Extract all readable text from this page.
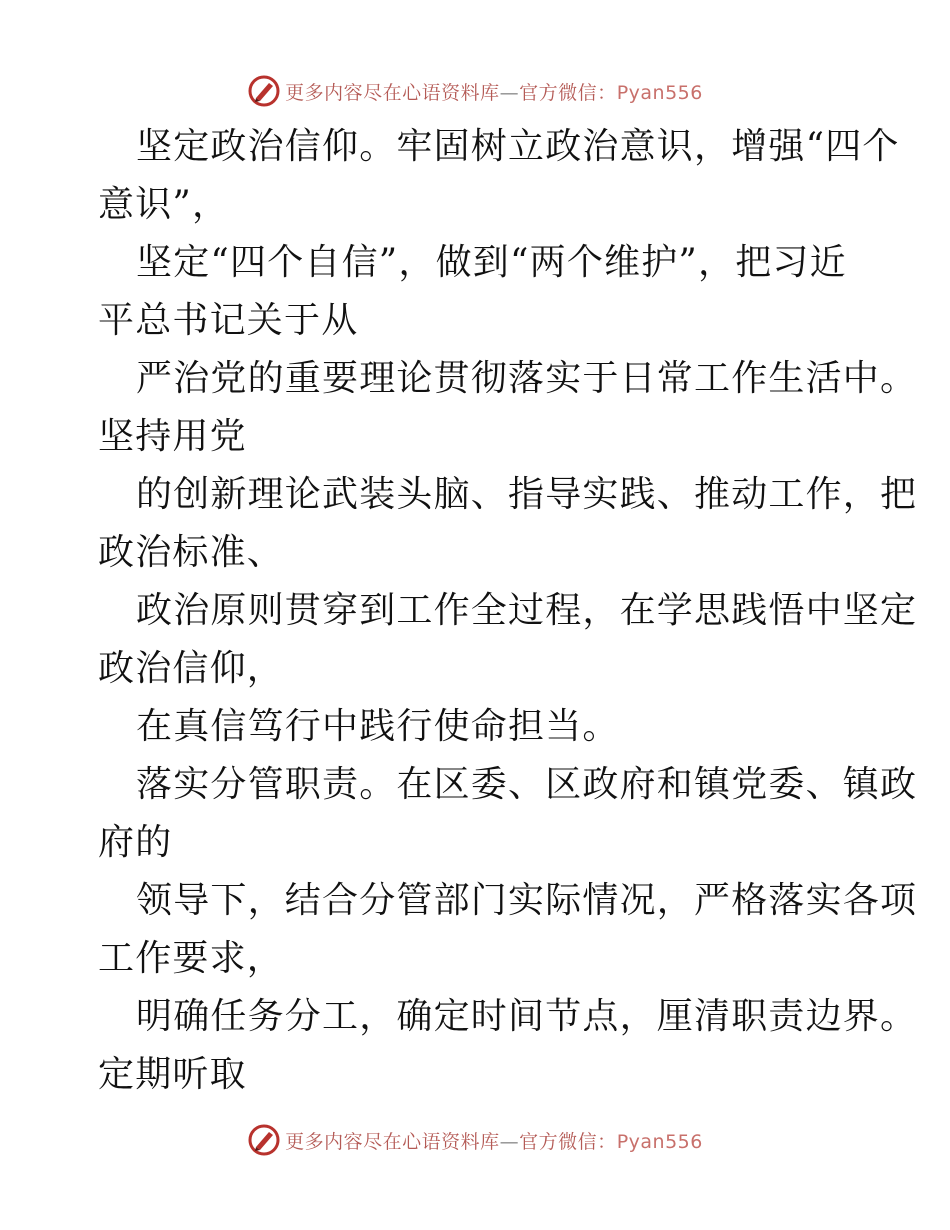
更多内容尽在心语资料库—官方微信：Pyan556
坚定政治信仰。牢固树立政治意识，增强“四个
意识”，
坚定“四个自信”，做到“两个维护”，把习近
平总书记关于从
严治党的重要理论贯彻落实于日常工作生活中。
坚持用党
的创新理论武装头脑、指导实践、推动工作，把
政治标准、
政治原则贯穿到工作全过程，在学思践悟中坚定
政治信仰，
在真信笃行中践行使命担当。
落实分管职责。在区委、区政府和镇党委、镇政
府的
领导下，结合分管部门实际情况，严格落实各项
工作要求，
明确任务分工，确定时间节点，厘清职责边界。
定期听取
更多内容尽在心语资料库—官方微信：Pyan556
